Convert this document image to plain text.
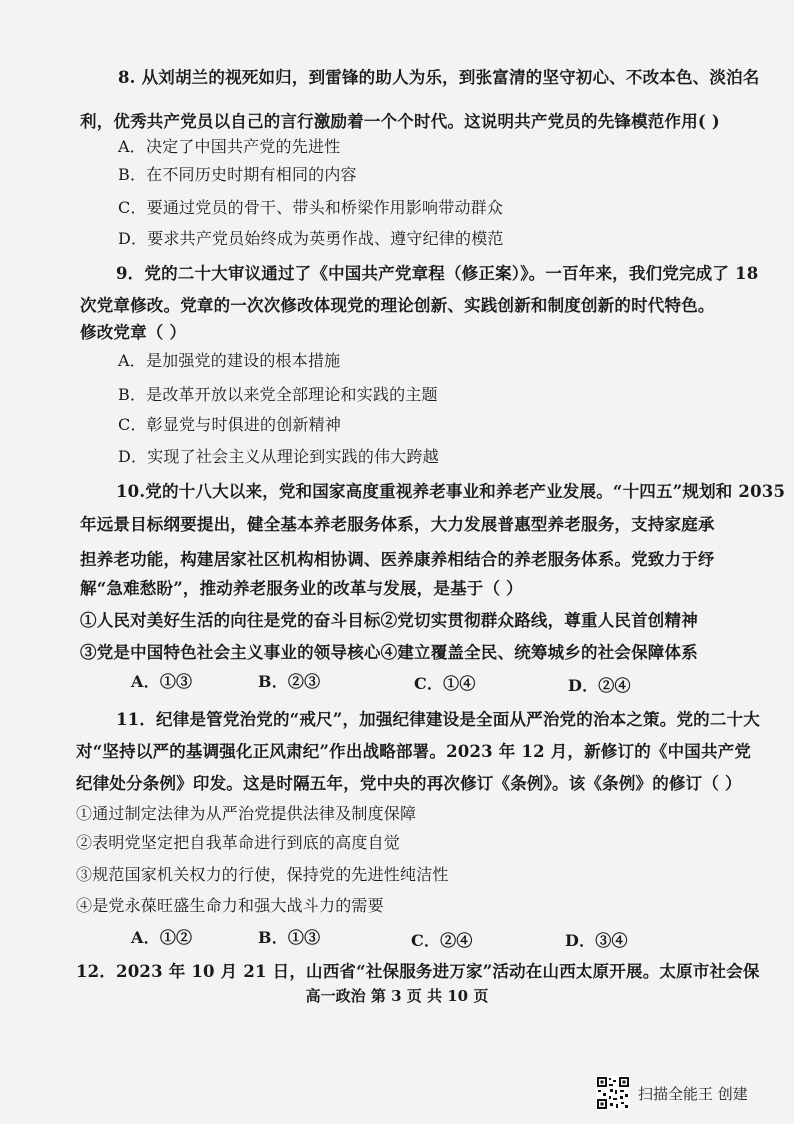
8. 从刘胡兰的视死如归，到雷锋的助人为乐，到张富清的坚守初心、不改本色、淡泊名
利，优秀共产党员以自己的言行激励着一个个时代。这说明共产党员的先锋模范作用( )
A．决定了中国共产党的先进性
B．在不同历史时期有相同的内容
C．要通过党员的骨干、带头和桥梁作用影响带动群众
D．要求共产党员始终成为英勇作战、遵守纪律的模范
9．党的二十大审议通过了《中国共产党章程（修正案）》。一百年来，我们党完成了 18
次党章修改。党章的一次次修改体现党的理论创新、实践创新和制度创新的时代特色。
修改党章（ ）
A．是加强党的建设的根本措施
B．是改革开放以来党全部理论和实践的主题
C．彰显党与时俱进的创新精神
D．实现了社会主义从理论到实践的伟大跨越
10.党的十八大以来，党和国家高度重视养老事业和养老产业发展。“十四五”规划和 2035
年远景目标纲要提出，健全基本养老服务体系，大力发展普惠型养老服务，支持家庭承
担养老功能，构建居家社区机构相协调、医养康养相结合的养老服务体系。党致力于纾
解“急难愁盼”，推动养老服务业的改革与发展，是基于（ ）
①人民对美好生活的向往是党的奋斗目标②党切实贯彻群众路线，尊重人民首创精神
③党是中国特色社会主义事业的领导核心④建立覆盖全民、统筹城乡的社会保障体系
A．①③	B．②③	C．①④	D．②④
11．纪律是管党治党的“戒尺”，加强纪律建设是全面从严治党的治本之策。党的二十大
对“坚持以严的基调强化正风肃纪”作出战略部署。2023 年 12 月，新修订的《中国共产党
纪律处分条例》印发。这是时隔五年，党中央的再次修订《条例》。该《条例》的修订（ ）
①通过制定法律为从严治党提供法律及制度保障
②表明党坚定把自我革命进行到底的高度自觉
③规范国家机关权力的行使，保持党的先进性纯洁性
④是党永葆旺盛生命力和强大战斗力的需要
A．①②	B．①③	C．②④	D．③④
12．2023 年 10 月 21 日，山西省“社保服务进万家”活动在山西太原开展。太原市社会保
高一政治 第 3 页 共 10 页
扫描全能王 创建
